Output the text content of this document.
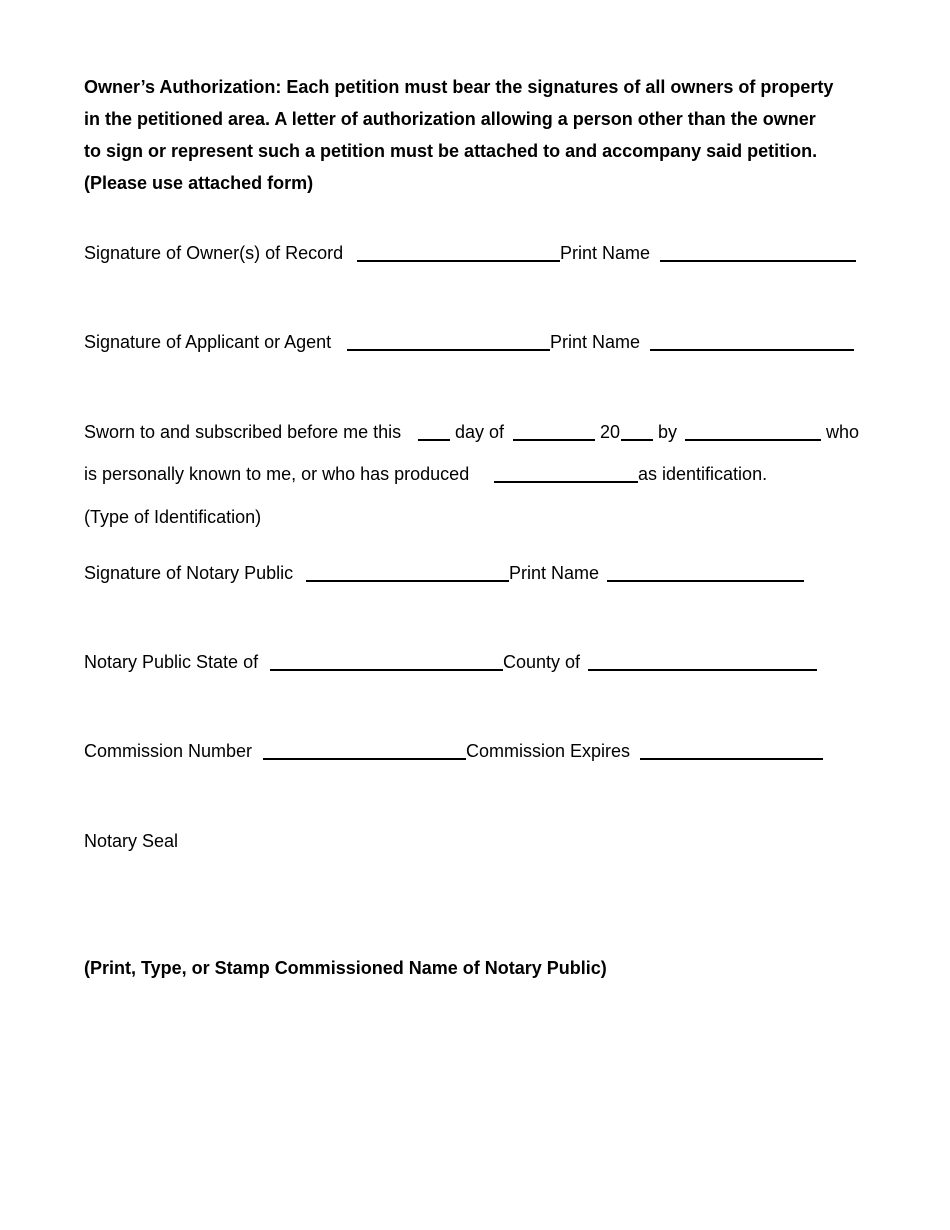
Owner’s Authorization: Each petition must bear the signatures of all owners of property

in the petitioned area. A letter of authorization allowing a person other than the owner

to sign or represent such a petition must be attached to and accompany said petition.

(Please use attached form)

Signature of Owner(s) of Record	Print Name
Signature of Applicant or Agent	Print Name
Sworn to and subscribed before me this	day of	20 by	who
is personally known to me, or who has produced	as identification.
(Type of Identification)
Signature of Notary Public	Print Name
Notary Public State of	County of
Commission Number	Commission Expires
Notary Seal
(Print, Type, or Stamp Commissioned Name of Notary Public)
